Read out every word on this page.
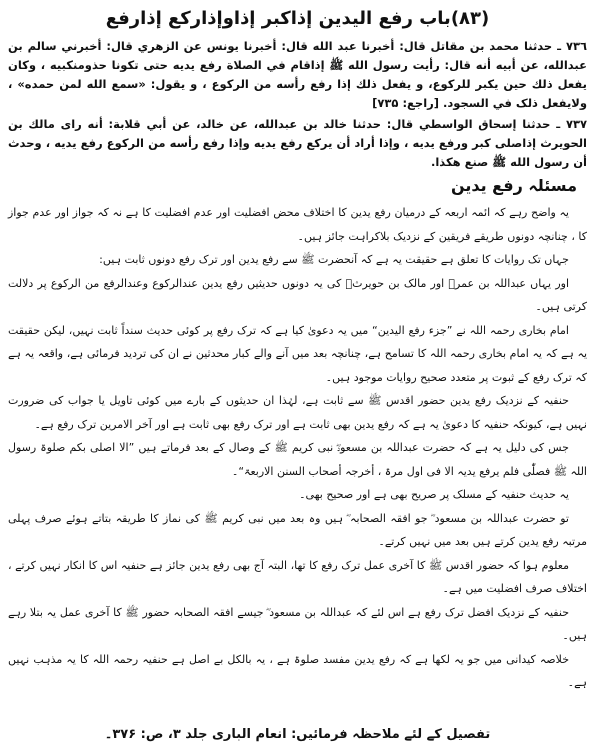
(۸۳)باب رفع اليدين إذاكبر إذاوإذاركع إذارفع

۷۳٦ ـ حدثنا محمد بن مقاتل قال: أخبرنا عبد الله قال: أخبرنا يونس عن الزهري قال: أخبرني سالم بن عبدالله، عن أبيه أنه قال: رأيت رسول الله ﷺ إذاقام في الصلاة رفع يديه حتى تكونا حذومنكبيه ، وكان يفعل ذلك حين يكبر للركوع، و يفعل ذلك إذا رفع رأسه من الركوع ، و يقول: «سمع الله لمن حمده» ، ولايفعل ذلک في السجود. [راجع: ۷۳۵]

۷۳۷ ـ حدثنا إسحاق الواسطي قال: حدثنا خالد بن عبدالله، عن خالد، عن أبي قلابة: أنه راى مالك بن الحويرث إذاصلى كبر ورفع يديه ، وإذا أراد أن يركع رفع يديه وإذا رفع رأسه من الركوع رفع يديه ، وحدث أن رسول الله ﷺ صنع هكذا.

مسئلہ رفع یدین

یہ واضح رہے کہ ائمہ اربعہ کے درمیان رفع یدین کا اختلاف محض افضلیت اور عدم افضلیت کا ہے نہ کہ جواز اور عدم جواز کا ، چنانچہ دونوں طریقے فریقین کے نزدیک بلاکراہت جائز ہیں۔

جہاں تک روایات کا تعلق ہے حقیقت یہ ہے کہ آنحضرت ﷺ سے رفع یدین اور ترک رفع دونوں ثابت ہیں:

اور یہاں عبداللہ بن عمرؓ اور مالک بن حویرثؓ کی یہ دونوں حدیثیں رفع یدین عندالرکوع وعندالرفع من الرکوع پر دلالت کرتی ہیں۔

امام بخاری رحمہ اللہ نے ”جزء رفع الیدین“ میں یہ دعویٰ کیا ہے کہ ترک رفع پر کوئی حدیث سنداً ثابت نہیں، لیکن حقیقت یہ ہے کہ یہ امام بخاری رحمہ اللہ کا تسامح ہے، چنانچہ بعد میں آنے والے کبار محدثین نے ان کی تردید فرمائی ہے، واقعہ یہ ہے کہ ترک رفع کے ثبوت پر متعدد صحیح روایات موجود ہیں۔

حنفیہ کے نزدیک رفع یدین حضور اقدس ﷺ سے ثابت ہے، لہٰذا ان حدیثوں کے بارے میں کوئی تاویل یا جواب کی ضرورت نہیں ہے، کیونکہ حنفیہ کا دعویٰ یہ ہے کہ رفع یدین بھی ثابت ہے اور ترک رفع بھی ثابت ہے اور آخر الامرین ترک رفع ہے۔

جس کی دلیل یہ ہے کہ حضرت عبداللہ بن مسعودؓ نبی کریم ﷺ کے وصال کے بعد فرماتے ہیں ”الا اصلی بکم صلوۃ رسول اللہ ﷺ فصلّٰی فلم یرفع یدیہ الا فی اول مرۃ ، أخرجہ أصحاب السنن الاربعۃ“۔

یہ حدیث حنفیہ کے مسلک پر صریح بھی ہے اور صحیح بھی۔

تو حضرت عبداللہ بن مسعود ؓ جو افقہ الصحابہ ؓ ہیں وہ بعد میں نبی کریم ﷺ کی نماز کا طریقہ بتاتے ہوئے صرف پہلی مرتبہ رفع یدین کرتے ہیں بعد میں نہیں کرتے۔

معلوم ہوا کہ حضور اقدس ﷺ کا آخری عمل ترک رفع کا تھا، البتہ آج بھی رفع یدین جائز ہے حنفیہ اس کا انکار نہیں کرتے ، اختلاف صرف افضلیت میں ہے۔

حنفیہ کے نزدیک افضل ترک رفع ہے اس لئے کہ عبداللہ بن مسعود ؓ جیسے افقہ الصحابہ حضور ﷺ کا آخری عمل یہ بتلا رہے ہیں۔

خلاصہ کیدانی میں جو یہ لکھا ہے کہ رفع یدین مفسد صلوۃ ہے ، یہ بالکل بے اصل ہے حنفیہ رحمہ اللہ کا یہ مذہب نہیں ہے۔

تفصیل کے لئے ملاحظہ فرمائیں: انعام الباری جلد ۳، ص: ۳۷۶۔
